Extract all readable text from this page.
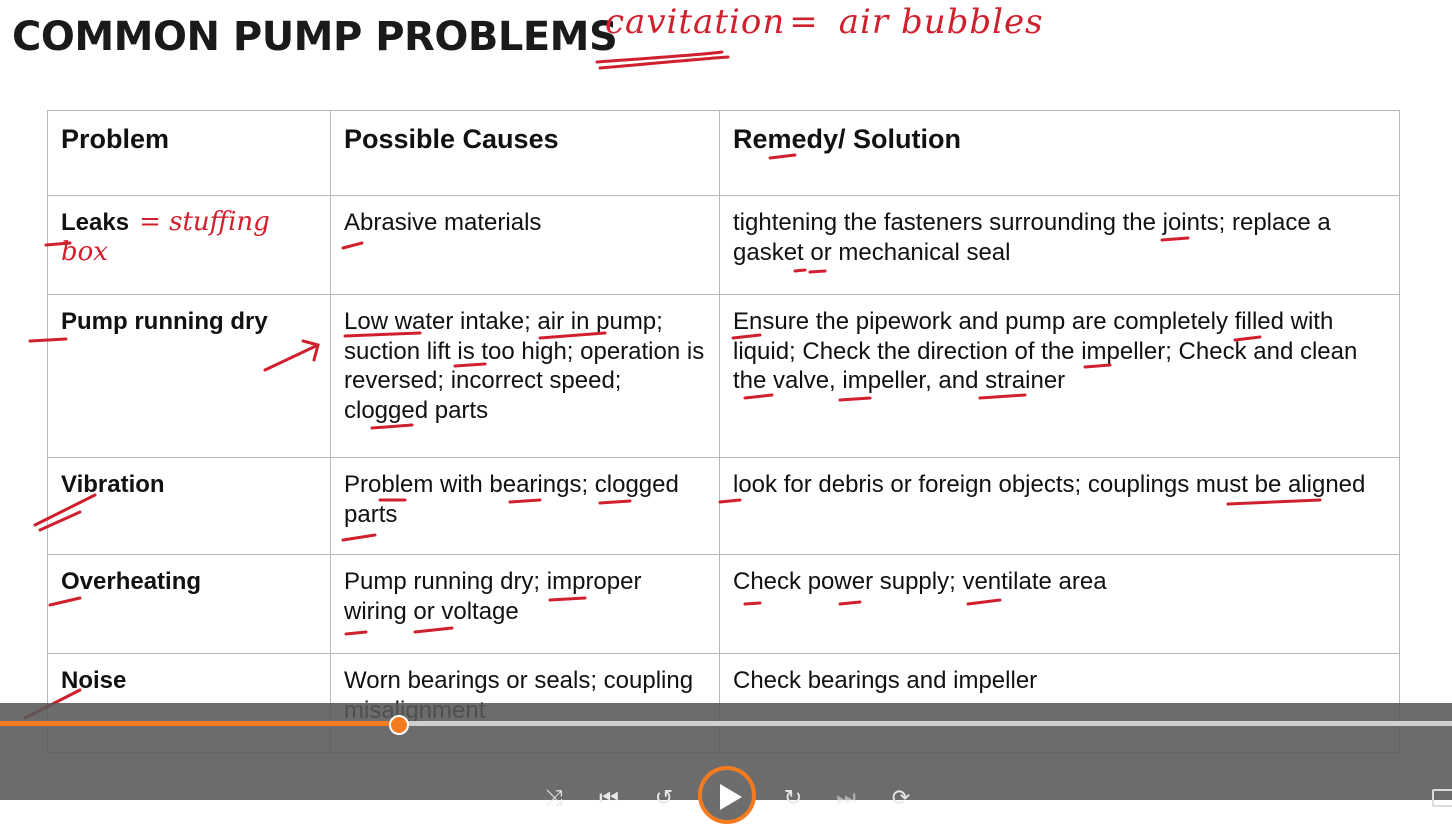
COMMON PUMP PROBLEMS
cavitation = air bubbles
Problem	Possible Causes	Remedy/ Solution
Leaks = stuffing box	Abrasive materials	tightening the fasteners surrounding the joints; replace a gasket or mechanical seal
Pump running dry	Low water intake; air in pump; suction lift is too high; operation is reversed; incorrect speed; clogged parts	Ensure the pipework and pump are completely filled with liquid; Check the direction of the impeller; Check and clean the valve, impeller, and strainer
Vibration	Problem with bearings; clogged parts	look for debris or foreign objects; couplings must be aligned
Overheating	Pump running dry; improper wiring or voltage	Check power supply; ventilate area
Noise	Worn bearings or seals; coupling	Check bearings and impeller
⤨	⏮	↺	↻	⏭	⟳
